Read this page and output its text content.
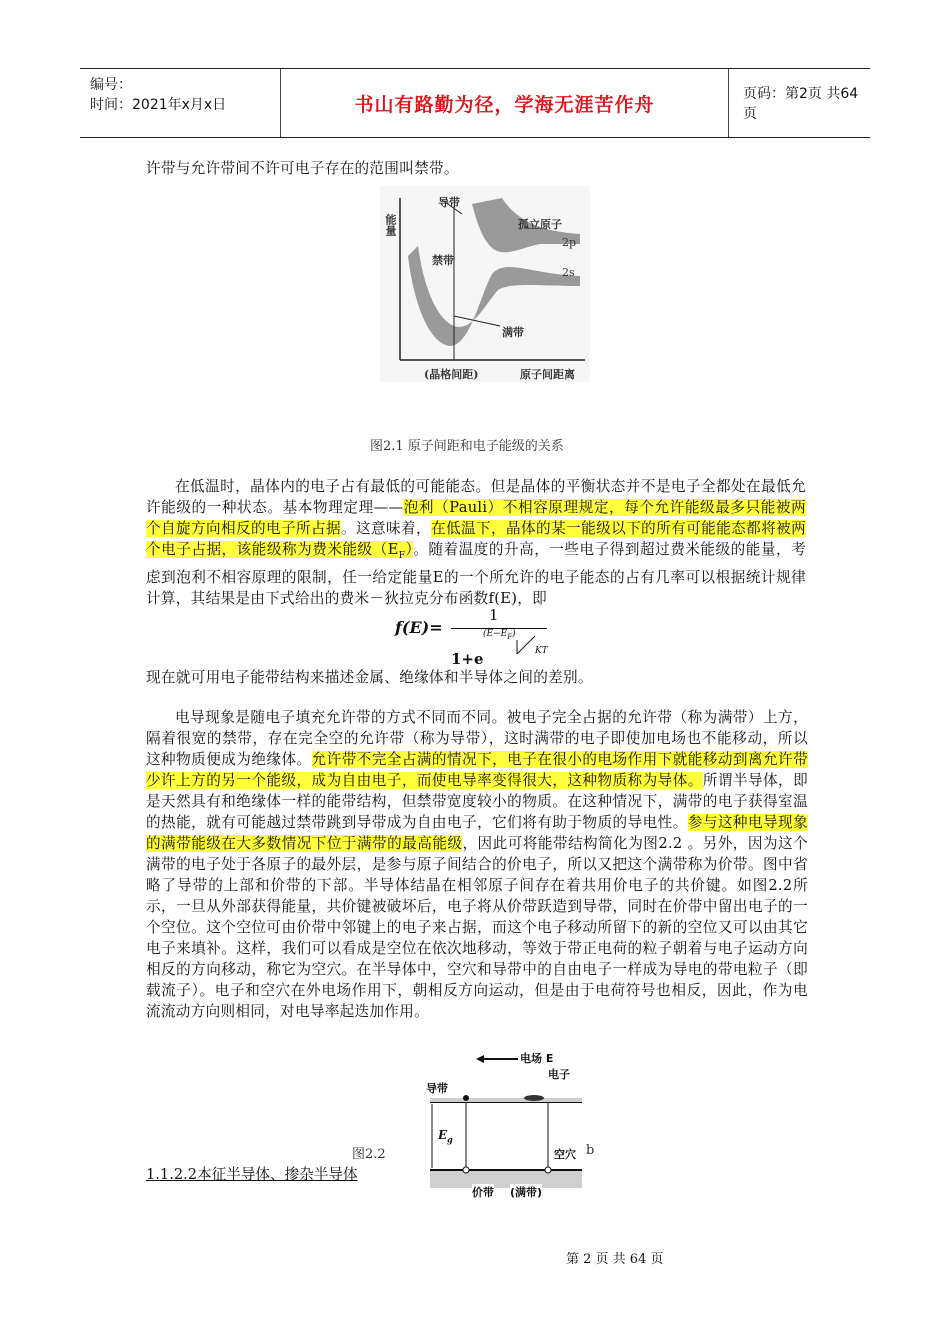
编号：
时间：2021年x月x日	书山有路勤为径，学海无涯苦作舟	页码：第2页 共64页
许带与允许带间不许可电子存在的范围叫禁带。
能量
导带
孤立原子
2p
禁带
2s
满带
(晶格间距)	原子间距离
图2.1 原子间距和电子能级的关系
在低温时，晶体内的电子占有最低的可能能态。但是晶体的平衡状态并不是电子全都处在最低允许能级的一种状态。基本物理定理——泡利（Pauli）不相容原理规定，每个允许能级最多只能被两个自旋方向相反的电子所占据。这意味着，在低温下，晶体的某一能级以下的所有可能能态都将被两个电子占据，该能级称为费米能级$(E_F)$。随着温度的升高，一些电子得到超过费米能级的能量，考虑到泡利不相容原理的限制，任一给定能量E的一个所允许的电子能态的占有几率可以根据统计规律计算，其结果是由下式给出的费米－狄拉克分布函数f(E)，即
f(E)=
1
$(E-E_F)$
KT
1+e
现在就可用电子能带结构来描述金属、绝缘体和半导体之间的差别。
电导现象是随电子填充允许带的方式不同而不同。被电子完全占据的允许带（称为满带）上方，隔着很宽的禁带，存在完全空的允许带（称为导带），这时满带的电子即使加电场也不能移动，所以这种物质便成为绝缘体。允许带不完全占满的情况下，电子在很小的电场作用下就能移动到离允许带少许上方的另一个能级，成为自由电子，而使电导率变得很大，这种物质称为导体。所谓半导体，即是天然具有和绝缘体一样的能带结构，但禁带宽度较小的物质。在这种情况下，满带的电子获得室温的热能，就有可能越过禁带跳到导带成为自由电子，它们将有助于物质的导电性。参与这种电导现象的满带能级在大多数情况下位于满带的最高能级，因此可将能带结构简化为图2.2 。另外，因为这个满带的电子处于各原子的最外层，是参与原子间结合的价电子，所以又把这个满带称为价带。图中省略了导带的上部和价带的下部。半导体结晶在相邻原子间存在着共用价电子的共价键。如图2.2所示，一旦从外部获得能量，共价键被破坏后，电子将从价带跃造到导带，同时在价带中留出电子的一个空位。这个空位可由价带中邻键上的电子来占据，而这个电子移动所留下的新的空位又可以由其它电子来填补。这样，我们可以看成是空位在依次地移动，等效于带正电荷的粒子朝着与电子运动方向相反的方向移动，称它为空穴。在半导体中，空穴和导带中的自由电子一样成为导电的带电粒子（即载流子）。电子和空穴在外电场作用下，朝相反方向运动，但是由于电荷符号也相反，因此，作为电流流动方向则相同，对电导率起迭加作用。
电场 E
导带
电子
$E_g$
空穴
价带 (满带)
图2.2	b
1.1.2.2本征半导体、掺杂半导体
第 2 页 共 64 页
